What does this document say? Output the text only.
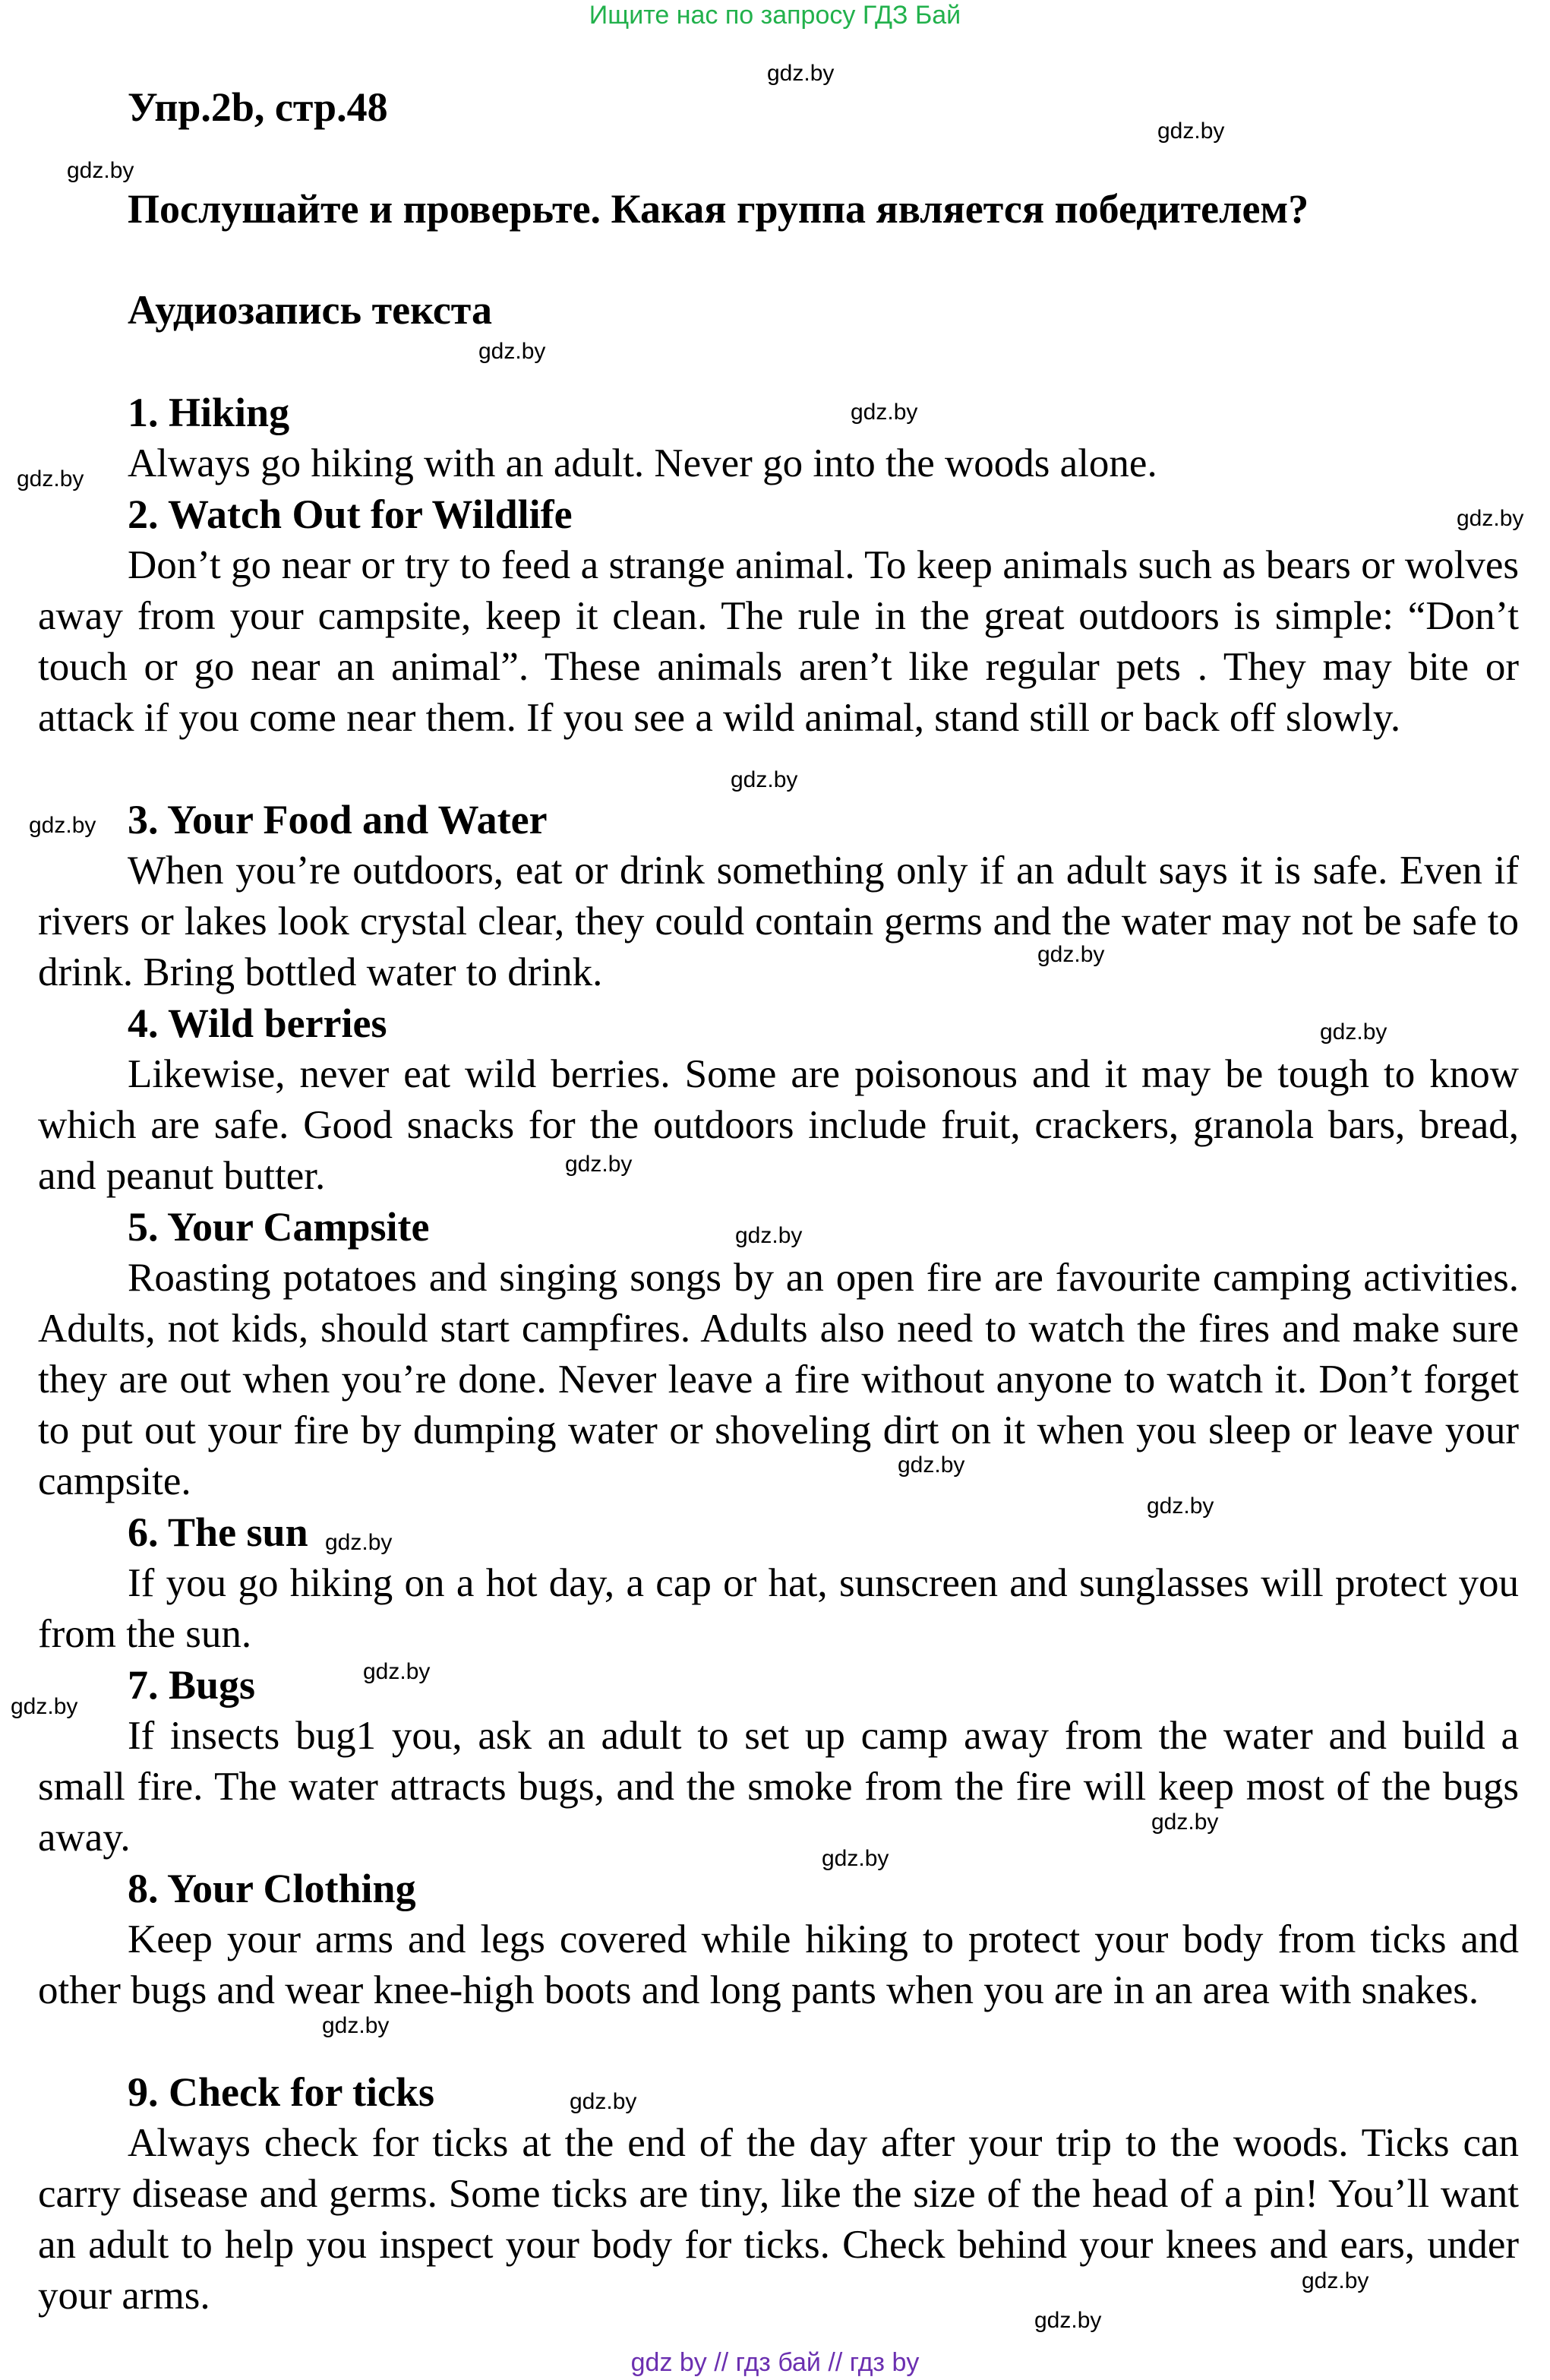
Ищите нас по запросу ГДЗ Бай
Упр.2b, стр.48
Послушайте и проверьте. Какая группа является победителем?
Аудиозапись текста
1. Hiking
Always go hiking with an adult. Never go into the woods alone.
2. Watch Out for Wildlife
Don’t go near or try to feed a strange animal. To keep animals such as bears or wolves away from your campsite, keep it clean. The rule in the great outdoors is simple: “Don’t touch or go near an animal”. These animals aren’t like regular pets . They may bite or attack if you come near them. If you see a wild animal, stand still or back off slowly.
3. Your Food and Water
When you’re outdoors, eat or drink something only if an adult says it is safe. Even if rivers or lakes look crystal clear, they could contain germs and the water may not be safe to drink. Bring bottled water to drink.
4. Wild berries
Likewise, never eat wild berries. Some are poisonous and it may be tough to know which are safe. Good snacks for the outdoors include fruit, crackers, granola bars, bread, and peanut butter.
5. Your Campsite
Roasting potatoes and singing songs by an open fire are favourite camping activities. Adults, not kids, should start campfires. Adults also need to watch the fires and make sure they are out when you’re done. Never leave a fire without anyone to watch it. Don’t forget to put out your fire by dumping water or shoveling dirt on it when you sleep or leave your campsite.
6. The sun
If you go hiking on a hot day, a cap or hat, sunscreen and sunglasses will protect you from the sun.
7. Bugs
If insects bug1 you, ask an adult to set up camp away from the water and build a small fire. The water attracts bugs, and the smoke from the fire will keep most of the bugs away.
8. Your Clothing
Keep your arms and legs covered while hiking to protect your body from ticks and other bugs and wear knee-high boots and long pants when you are in an area with snakes.
9. Check for ticks
Always check for ticks at the end of the day after your trip to the woods. Ticks can carry disease and germs. Some ticks are tiny, like the size of the head of a pin! You’ll want an adult to help you inspect your body for ticks. Check behind your knees and ears, under your arms.
gdz.by
gdz.by
gdz.by
gdz.by
gdz.by
gdz.by
gdz.by
gdz.by
gdz.by
gdz.by
gdz.by
gdz.by
gdz.by
gdz.by
gdz.by
gdz.by
gdz.by
gdz.by
gdz.by
gdz.by
gdz.by
gdz.by
gdz.by
gdz.by
gdz by // гдз бай // гдз by
